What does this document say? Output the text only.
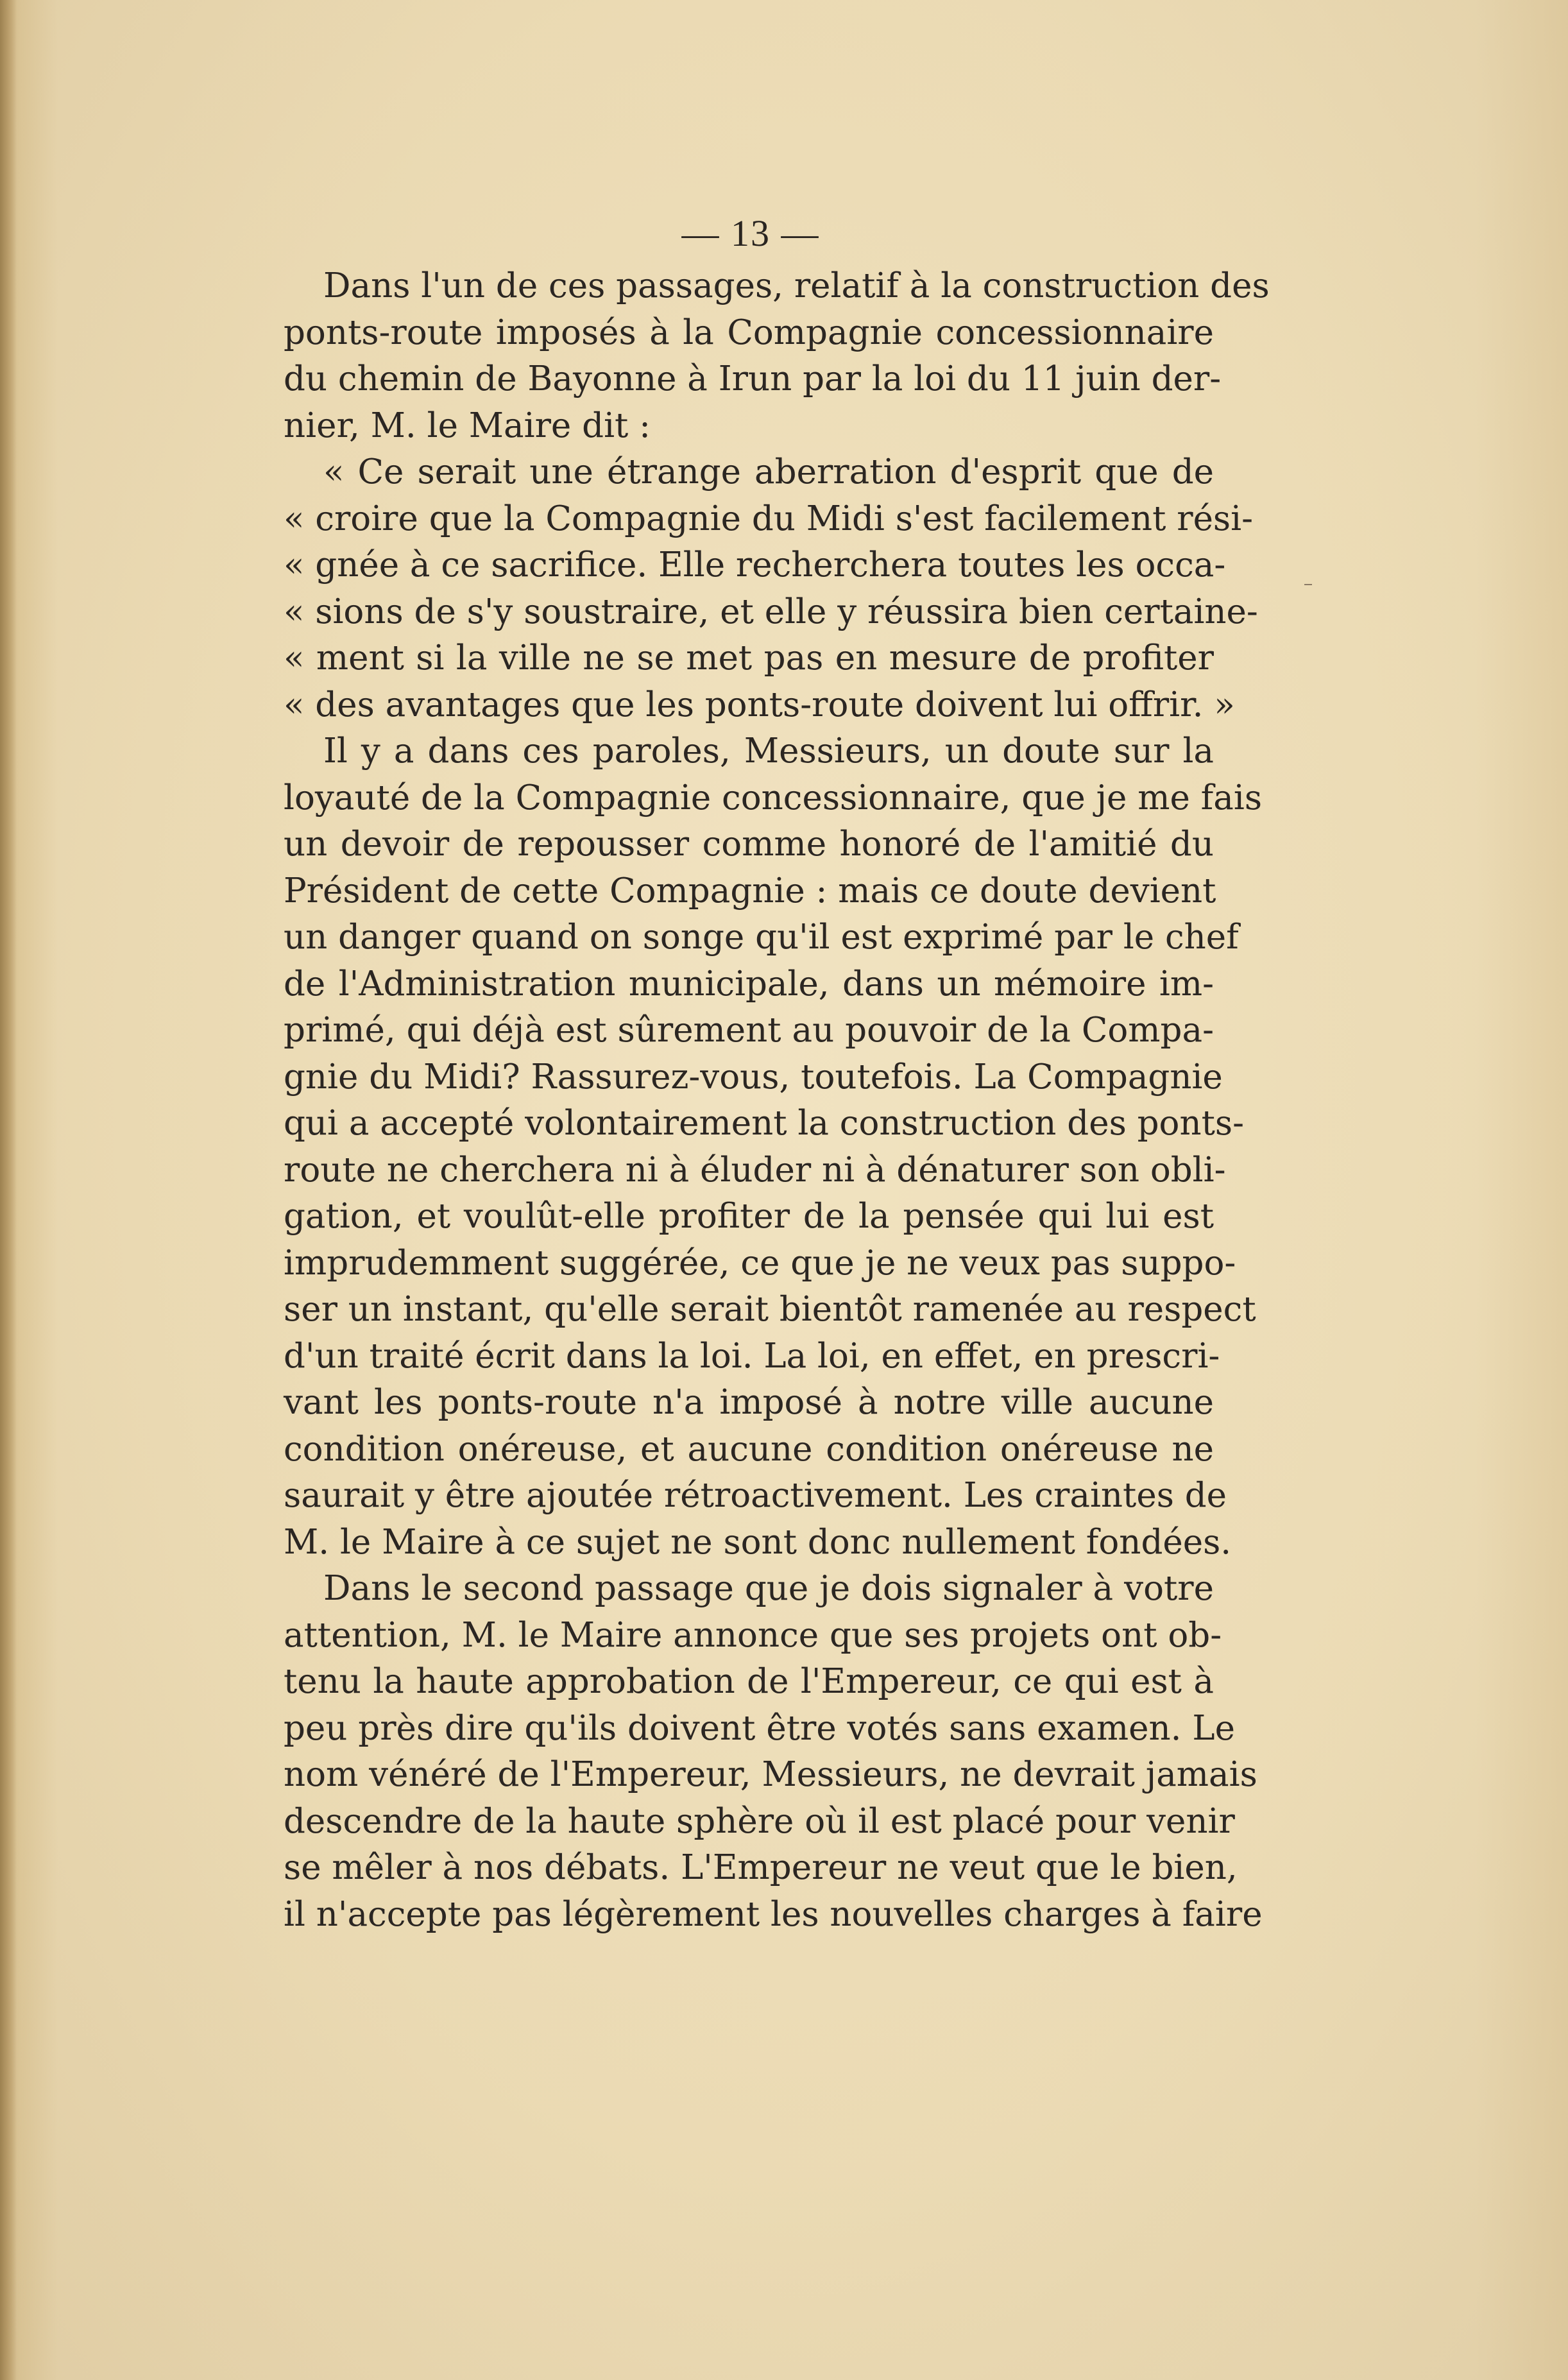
— 13 —
Dans l'un de ces passages, relatif à la construction des
ponts-route imposés à la Compagnie concessionnaire
du chemin de Bayonne à Irun par la loi du 11 juin der-
nier, M. le Maire dit :
« Ce serait une étrange aberration d'esprit que de
« croire que la Compagnie du Midi s'est facilement rési-
« gnée à ce sacrifice. Elle recherchera toutes les occa-
« sions de s'y soustraire, et elle y réussira bien certaine-
« ment si la ville ne se met pas en mesure de profiter
« des avantages que les ponts-route doivent lui offrir. »
Il y a dans ces paroles, Messieurs, un doute sur la
loyauté de la Compagnie concessionnaire, que je me fais
un devoir de repousser comme honoré de l'amitié du
Président de cette Compagnie : mais ce doute devient
un danger quand on songe qu'il est exprimé par le chef
de l'Administration municipale, dans un mémoire im-
primé, qui déjà est sûrement au pouvoir de la Compa-
gnie du Midi? Rassurez-vous, toutefois. La Compagnie
qui a accepté volontairement la construction des ponts-
route ne cherchera ni à éluder ni à dénaturer son obli-
gation, et voulût-elle profiter de la pensée qui lui est
imprudemment suggérée, ce que je ne veux pas suppo-
ser un instant, qu'elle serait bientôt ramenée au respect
d'un traité écrit dans la loi. La loi, en effet, en prescri-
vant les ponts-route n'a imposé à notre ville aucune
condition onéreuse, et aucune condition onéreuse ne
saurait y être ajoutée rétroactivement. Les craintes de
M. le Maire à ce sujet ne sont donc nullement fondées.
Dans le second passage que je dois signaler à votre
attention, M. le Maire annonce que ses projets ont ob-
tenu la haute approbation de l'Empereur, ce qui est à
peu près dire qu'ils doivent être votés sans examen. Le
nom vénéré de l'Empereur, Messieurs, ne devrait jamais
descendre de la haute sphère où il est placé pour venir
se mêler à nos débats. L'Empereur ne veut que le bien,
il n'accepte pas légèrement les nouvelles charges à faire
